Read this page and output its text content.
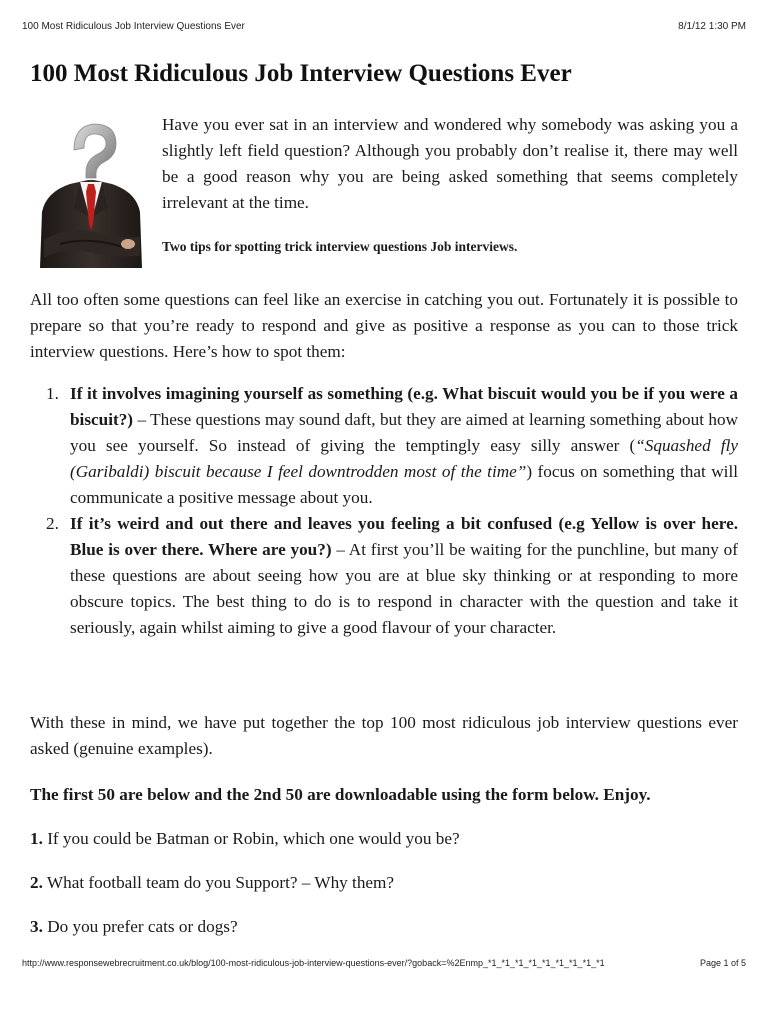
100 Most Ridiculous Job Interview Questions Ever	8/1/12 1:30 PM
100 Most Ridiculous Job Interview Questions Ever

Have you ever sat in an interview and wondered why somebody was asking you a slightly left field question? Although you probably don’t realise it, there may well be a good reason why you are being asked something that seems completely irrelevant at the time.

Two tips for spotting trick interview questions Job interviews.

All too often some questions can feel like an exercise in catching you out. Fortunately it is possible to prepare so that you’re ready to respond and give as positive a response as you can to those trick interview questions. Here’s how to spot them:

1. If it involves imagining yourself as something (e.g. What biscuit would you be if you were a biscuit?) – These questions may sound daft, but they are aimed at learning something about how you see yourself. So instead of giving the temptingly easy silly answer (“Squashed fly (Garibaldi) biscuit because I feel downtrodden most of the time”) focus on something that will communicate a positive message about you.
2. If it’s weird and out there and leaves you feeling a bit confused (e.g Yellow is over here. Blue is over there. Where are you?) – At first you’ll be waiting for the punchline, but many of these questions are about seeing how you are at blue sky thinking or at responding to more obscure topics. The best thing to do is to respond in character with the question and take it seriously, again whilst aiming to give a good flavour of your character.

With these in mind, we have put together the top 100 most ridiculous job interview questions ever asked (genuine examples).

The first 50 are below and the 2nd 50 are downloadable using the form below. Enjoy.

1. If you could be Batman or Robin, which one would you be?

2. What football team do you Support? – Why them?

3. Do you prefer cats or dogs?

http://www.responsewebrecruitment.co.uk/blog/100-most-ridiculous-job-interview-questions-ever/?goback=%2Enmp_*1_*1_*1_*1_*1_*1_*1_*1_*1	Page 1 of 5
